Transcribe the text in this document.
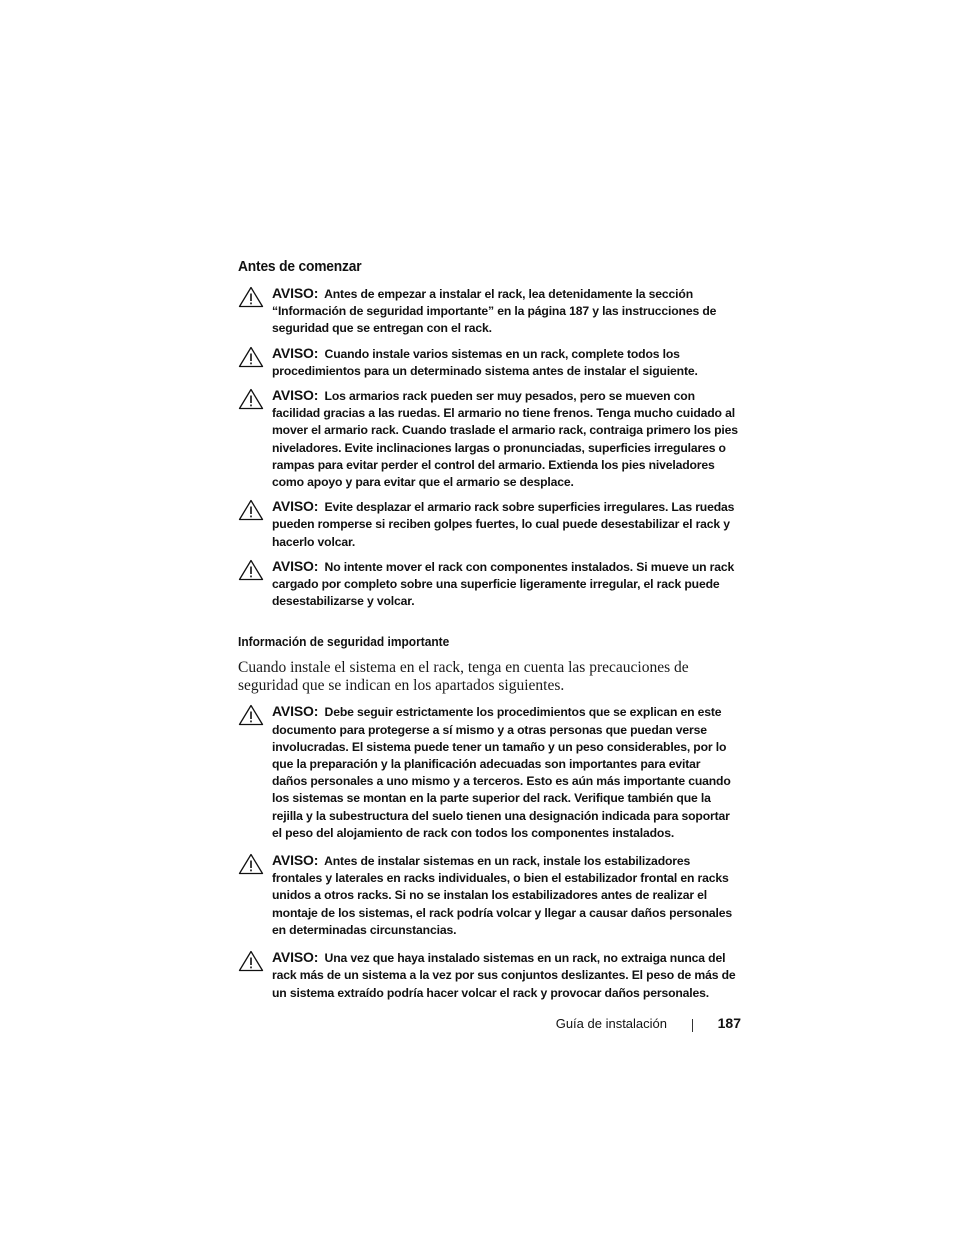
Antes de comenzar
AVISO: Antes de empezar a instalar el rack, lea detenidamente la sección “Información de seguridad importante” en la página 187 y las instrucciones de seguridad que se entregan con el rack.
AVISO: Cuando instale varios sistemas en un rack, complete todos los procedimientos para un determinado sistema antes de instalar el siguiente.
AVISO: Los armarios rack pueden ser muy pesados, pero se mueven con facilidad gracias a las ruedas. El armario no tiene frenos. Tenga mucho cuidado al mover el armario rack. Cuando traslade el armario rack, contraiga primero los pies niveladores. Evite inclinaciones largas o pronunciadas, superficies irregulares o rampas para evitar perder el control del armario. Extienda los pies niveladores como apoyo y para evitar que el armario se desplace.
AVISO: Evite desplazar el armario rack sobre superficies irregulares. Las ruedas pueden romperse si reciben golpes fuertes, lo cual puede desestabilizar el rack y hacerlo volcar.
AVISO: No intente mover el rack con componentes instalados. Si mueve un rack cargado por completo sobre una superficie ligeramente irregular, el rack puede desestabilizarse y volcar.
Información de seguridad importante

Cuando instale el sistema en el rack, tenga en cuenta las precauciones de seguridad que se indican en los apartados siguientes.

AVISO: Debe seguir estrictamente los procedimientos que se explican en este documento para protegerse a sí mismo y a otras personas que puedan verse involucradas. El sistema puede tener un tamaño y un peso considerables, por lo que la preparación y la planificación adecuadas son importantes para evitar daños personales a uno mismo y a terceros. Esto es aún más importante cuando los sistemas se montan en la parte superior del rack. Verifique también que la rejilla y la subestructura del suelo tienen una designación indicada para soportar el peso del alojamiento de rack con todos los componentes instalados.
AVISO: Antes de instalar sistemas en un rack, instale los estabilizadores frontales y laterales en racks individuales, o bien el estabilizador frontal en racks unidos a otros racks. Si no se instalan los estabilizadores antes de realizar el montaje de los sistemas, el rack podría volcar y llegar a causar daños personales en determinadas circunstancias.
AVISO: Una vez que haya instalado sistemas en un rack, no extraiga nunca del rack más de un sistema a la vez por sus conjuntos deslizantes. El peso de más de un sistema extraído podría hacer volcar el rack y provocar daños personales.
Guía de instalación	187
